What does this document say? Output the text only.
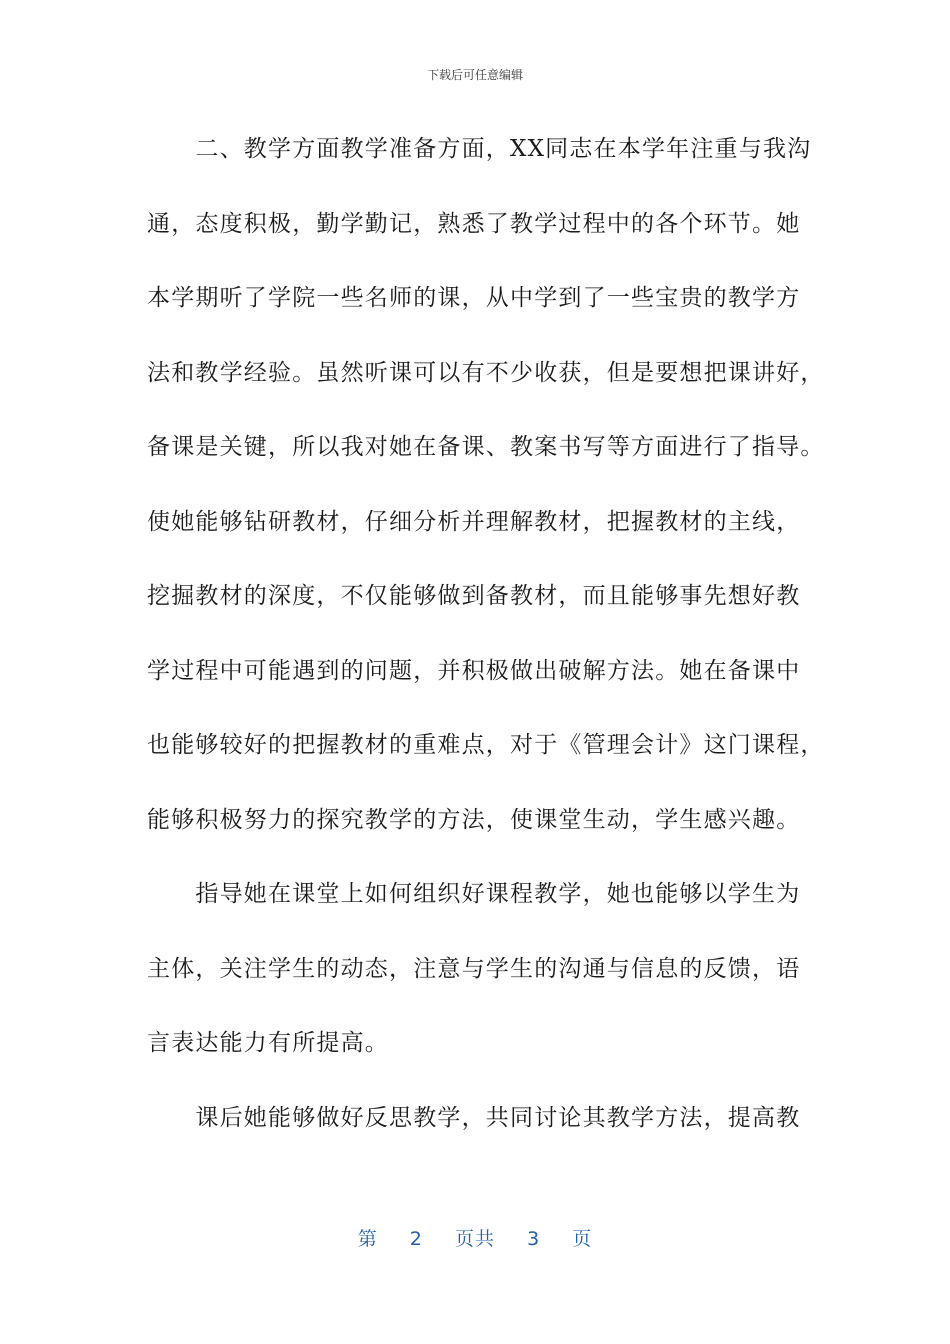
下载后可任意编辑
　　二、教学方面教学准备方面，XX同志在本学年注重与我沟
通，态度积极，勤学勤记，熟悉了教学过程中的各个环节。她
本学期听了学院一些名师的课，从中学到了一些宝贵的教学方
法和教学经验。虽然听课可以有不少收获，但是要想把课讲好，
备课是关键，所以我对她在备课、教案书写等方面进行了指导。
使她能够钻研教材，仔细分析并理解教材，把握教材的主线，
挖掘教材的深度，不仅能够做到备教材，而且能够事先想好教
学过程中可能遇到的问题，并积极做出破解方法。她在备课中
也能够较好的把握教材的重难点，对于《管理会计》这门课程，
能够积极努力的探究教学的方法，使课堂生动，学生感兴趣。
　　指导她在课堂上如何组织好课程教学，她也能够以学生为
主体，关注学生的动态，注意与学生的沟通与信息的反馈，语
言表达能力有所提高。
　　课后她能够做好反思教学，共同讨论其教学方法，提高教
第 2 页共 3 页
